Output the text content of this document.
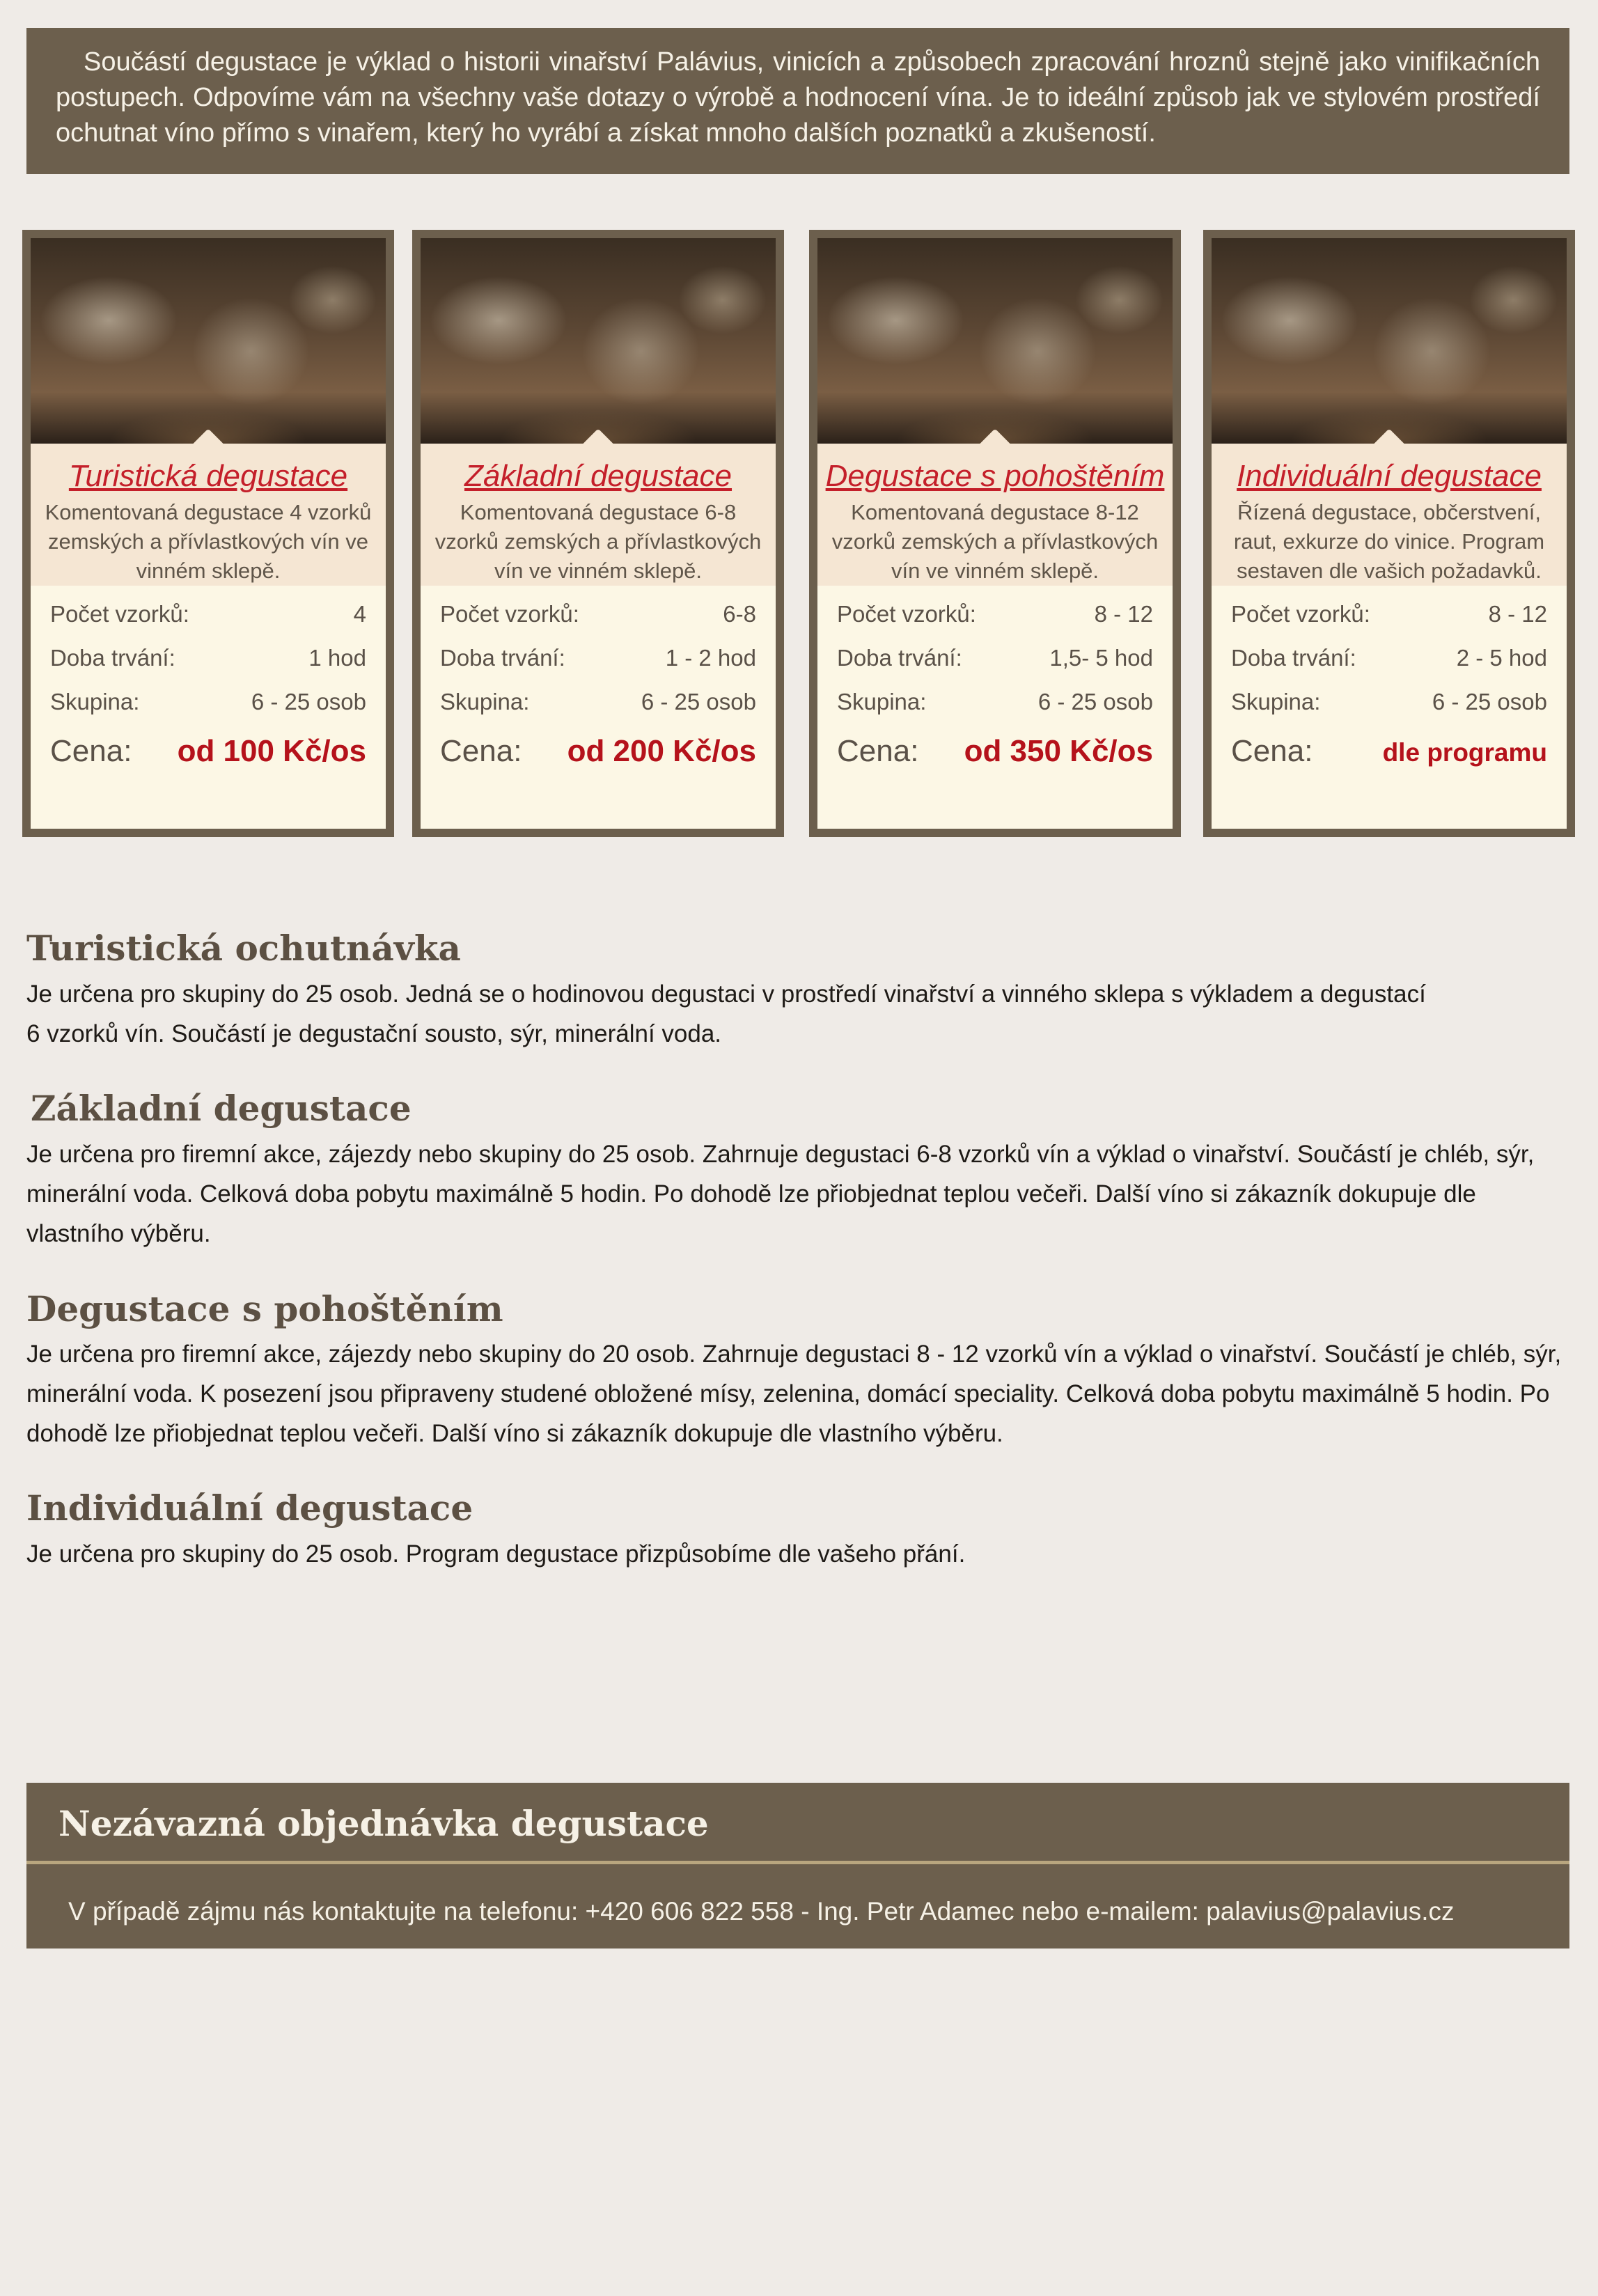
Součástí degustace je výklad o historii vinařství Palávius, vinicích a způsobech zpracování hroznů stejně jako vinifikačních postupech. Odpovíme vám na všechny vaše dotazy o výrobě a hodnocení vína. Je to ideální způsob jak ve stylovém prostředí ochutnat víno přímo s vinařem, který ho vyrábí a získat mnoho dalších poznatků a zkušeností.

Turistická degustace

Komentovaná degustace 4 vzorků zemských a přívlastkových vín ve vinném sklepě.

Počet vzorků:	4
Doba trvání:	1 hod
Skupina:	6 - 25 osob
Cena: od 100 Kč/os
Základní degustace

Komentovaná degustace 6-8 vzorků zemských a přívlastkových vín ve vinném sklepě.

Počet vzorků:	6-8
Doba trvání:	1 - 2 hod
Skupina:	6 - 25 osob
Cena: od 200 Kč/os
Degustace s pohoštěním

Komentovaná degustace 8-12 vzorků zemských a přívlastkových vín ve vinném sklepě.

Počet vzorků:	8 - 12
Doba trvání:	1,5- 5 hod
Skupina:	6 - 25 osob
Cena: od 350 Kč/os
Individuální degustace

Řízená degustace, občerstvení, raut, exkurze do vinice. Program sestaven dle vašich požadavků.

Počet vzorků:	8 - 12
Doba trvání:	2 - 5 hod
Skupina:	6 - 25 osob
Cena:	dle programu
Turistická ochutnávka
Je určena pro skupiny do 25 osob. Jedná se o hodinovou degustaci v prostředí vinařství a vinného sklepa s výkladem a degustací
6 vzorků vín. Součástí je degustační sousto, sýr, minerální voda.
Základní degustace

Je určena pro firemní akce, zájezdy nebo skupiny do 25 osob. Zahrnuje degustaci 6-8 vzorků vín a výklad o vinařství. Součástí je chléb, sýr, minerální voda. Celková doba pobytu maximálně 5 hodin. Po dohodě lze přiobjednat teplou večeři. Další víno si zákazník dokupuje dle vlastního výběru.

Degustace s pohoštěním

Je určena pro firemní akce, zájezdy nebo skupiny do 20 osob. Zahrnuje degustaci 8 - 12 vzorků vín a výklad o vinařství. Součástí je chléb, sýr, minerální voda. K posezení jsou připraveny studené obložené mísy, zelenina, domácí speciality. Celková doba pobytu maximálně 5 hodin. Po dohodě lze přiobjednat teplou večeři. Další víno si zákazník dokupuje dle vlastního výběru.

Individuální degustace

Je určena pro skupiny do 25 osob. Program degustace přizpůsobíme dle vašeho přání.

Nezávazná objednávka degustace

V případě zájmu nás kontaktujte na telefonu: +420 606 822 558 - Ing. Petr Adamec nebo e-mailem: palavius@palavius.cz
